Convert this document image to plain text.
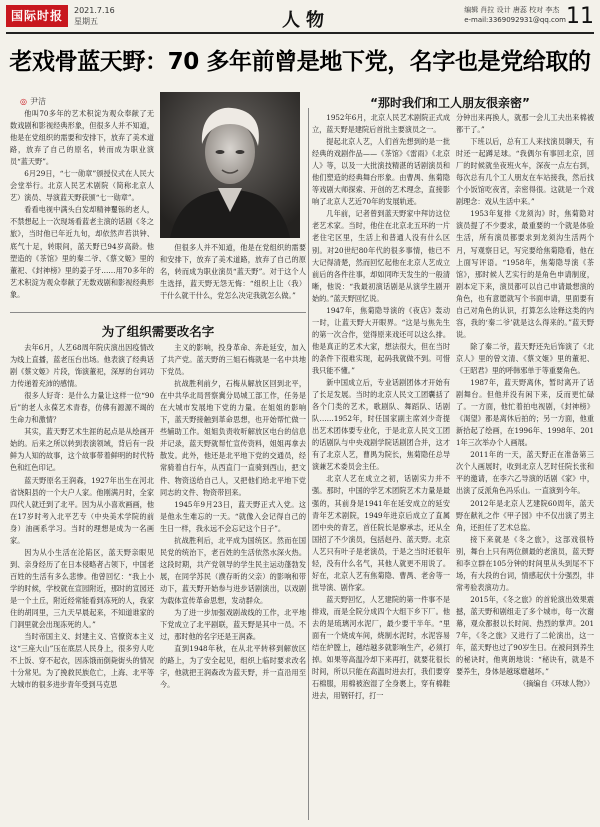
国际时报	2021.7.16
星期五	人物	编辑 肖拉 设计 唐蕊 校对 李杰
e-mail:3369092931@qq.com 11
老戏骨蓝天野：70 多年前曾是地下党，名字也是党给取的
◎ 尹洁	“那时我们和工人朋友很亲密”

他叫70多年的艺术积淀为观众奉献了无数戏剧和影视经典形象，但很多人并不知道，他是在党组织的需要和安排下，放弃了美术道路，放弃了自己的原名，转而成为职业演员“蓝天野”。

6月29日，“七一勋章”颁授仪式在人民大会堂举行。北京人民艺术剧院（简称北京人艺）演员、导演蓝天野获颁“七一勋章”。

看看电视中满头白发却精神矍铄的老人，不禁想起上一次现场看蓝老主演的话剧《冬之旅》，当时他已年近九旬，却依然声若洪钟、底气十足，转眼间，蓝天野已94岁高龄。他塑造的《茶馆》里的秦二爷、《蔡文姬》里的董祀、《封神榜》里的姜子牙……用70多年的艺术积淀为观众奉献了无数戏剧和影视经典形象。

但很多人并不知道，他是在党组织的需要和安排下，放弃了美术道路，放弃了自己的原名，转而成为职业演员“蓝天野”。对于这个人生选择，蓝天野无怨无悔：“组织上让（我）干什么就干什么，党怎么决定我就怎么做。”

为了组织需要改名字

去年6月，人艺68周年院庆演出因疫情改为线上直播，蓝老压台出场。他表演了经典话剧《蔡文姬》片段，饰演董祀，深厚的台词功力传递着充沛的感情。

很多人好奇：是什么力量让这样一位“90后”的老人永葆艺术青春，仿佛有源源不竭的生命力和激情？

其实，蓝天野艺术生涯的起点是从绘画开始的。后来之所以转到表演领域，背后有一段鲜为人知的故事，这个故事带着鲜明的时代特色和红色印记。

蓝天野原名王润森，1927年出生在河北省饶阳县的一个大户人家。他刚满月时，全家四代人就迁到了北平。因为从小喜欢画画，他在17岁时考入北平艺专（中央美术学院的前身）油画系学习。当时的理想是成为一名画家。

因为从小生活在沦陷区，蓝天野亲眼见到、亲身经历了在日本侵略者占领下，中国老百姓的生活有多么悲惨。他曾回忆：“我上小学的时候，学校就在宣园附近，那时的宣园还是一个土丘，附近经常能看到冻死的人，我家住的胡同里，三九天早晨起来，不知道谁家的门洞里就会出现冻死的人。”

当时帝国主义、封建主义、官僚资本主义这“三座大山”压在底层人民身上，很多穷人吃不上饭、穿不起衣，因冻饿而倒毙街头的情况十分常见。为了挽救民族危亡，上海、北平等大城市的很多进步青年受到马克思

主义的影响，投身革命、奔赴延安，加入了共产党。蓝天野的三姐石梅就是一名中共地下党员。

抗战胜利前夕，石梅从解放区回到北平，在中共华北局晋察冀分局城工部工作，任务是在大城市发展地下党的力量。在姐姐的影响下，蓝天野接触到革命思想，也开始帮忙做一些辅助工作。姐姐负责收听解放区电台的信息并记录，蓝天野就帮忙宣传资料，姐姐再拿去散发。此外，他还是北平地下党的交通员，经常骑着自行车，从西直门一直骑到西山，把文件、物资送给自己人，又把他们给北平地下党同志的文件、物资带回来。

1945年9月23日，蓝天野正式入党。这是他永生难忘的一天。“就像入会记得自己的生日一样，我永远不会忘记这个日子”。

抗战胜利后，北平成为国统区。然而在国民党的统治下，老百姓的生活依然水深火热。这段时期，共产党领导的学生民主运动蓬勃发展，在同学苏民（濮存昕的父亲）的影响和带动下，蓝天野开始参与进步话剧演出，以戏剧为载体宣传革命思想，发动群众。

为了进一步加强戏剧战线的工作，北平地下党成立了北平剧联，蓝天野是其中一员。不过，那时他的名字还是王润森。

直到1948年秋，在从北平转移到解放区的路上，为了安全起见，组织上临时要求改名字，他就把王润森改为蓝天野，并一直沿用至今。

1952年6月，北京人民艺术剧院正式成立，蓝天野是建院后首批主要演员之一。

提起北京人艺，人们首先想到的是一批经典的戏剧作品——《茶馆》《雷雨》《北京人》等，以及一大批演技精湛的话剧演员和他们塑造的经典舞台形象。由曹禺、焦菊隐等戏剧大师探索、开创的艺术理念，直接影响了北京人艺近70年的发展轨迹。

几年前，记者曾到蓝天野家中拜访这位老艺术家。当时，他住在北京北五环的一片老住宅区里，生活上和普通人没有什么区别。对20世纪80年代的很多事情，他已不大记得清楚，然而回忆起他在北京人艺成立前后的各件往事，却如同昨天发生的一般清晰，他说：“我最初演话剧是从演学生剧开始的。”蓝天野回忆说。

1947年，焦菊隐导演的《夜店》轰动一时，让蓝天野大开眼界。“这是与焦先生的第一次合作，觉得原来戏还可以这么排。他是真正的艺术大家，想法很大，但在当时的条件下很难实现，起码我就做不到。可惜我只能不懂。”

新中国成立后，专业话剧团体才开始有了长足发展。当时的北京人民文工团囊括了各个门类的艺术，歌剧队、舞蹈队、话剧队……1952年，时任国家副主席刘少奇提出艺术团体要专业化，于是北京人民文工团的话剧队与中央戏剧学院话剧团合并，这才有了北京人艺，曹禺为院长，焦菊隐任总导演兼艺术委员会主任。

北京人艺在成立之初，话剧实力并不强。那时，中国的学艺术团院艺术力量是最强的，其前身是1941年在延安成立的延安青年艺术剧院，1949年进京后成立了直属团中央的青艺，首任院长是廖承志，还从全国招了不少演员，包括赵丹、蓝天野。北京人艺只有叶子是老演员，于是之当时还很年轻，没有什么名气，其他人就更不用说了。好在，北京人艺有焦菊隐、曹禺、老舍等一批导演、剧作家。

蓝天野回忆，人艺建院的第一件事不是排戏，而是全院分成四个大组下乡下厂。他去的是琉璃河水泥厂，最少要干半年。“里面有一个烧成车间，烧制水泥时，水泥容易结在炉膛上，越结越多就影响生产，必须打掉。如果等高温冷却下来再打，就要花很长时间，所以只能在高温时进去打，我们要穿石棉服，用棉被泡湿了全身裹上，穿有棉鞋进去，用钢钎打，打一

分钟出来再换人，就那一会儿工夫出来棉被都干了。”

下班以后，总有工人来找演员聊天，有时还一起蹲足球。“我偶尔有事回北京，回厂的时候就坐夜班火车，深夜一点左右到，每次总有几个工人朋友在车站接我，然后找个小饭馆吃夜宵，亲密得很。这就是一个戏剧理念：戏从生活中来。”

1953年复排《龙须沟》时，焦菊隐对演员提了不少要求，最重要的一个就是体验生活，所有演员都要求到龙须沟生活两个月，写观察日记，写完要给焦菊隐看，他在上面写评语。“1958年，焦菊隐导演《茶馆》，那时候人艺实行的是角色申请制度，剧本定下来，演员都可以自己申请最想演的角色，也有意愿就写个书面申请，里面要有自己对角色的认识，打算怎么诠释这类的内容，我的‘秦二爷’就是这么得来的。”蓝天野说。

除了秦二爷，蓝天野还先后饰演了《北京人》里的曾文清、《蔡文姬》里的董祀、《王昭君》里的呼韩邪单于等重要角色。

1987年，蓝天野离休，暂时离开了话剧舞台。但他并没有闲下来，反而更忙碌了。一方面，他忙着拍电视剧，《封神榜》《渴望》都是离休后拍的；另一方面，他重新拾起了绘画，在1996年、1998年、2011年三次举办个人画展。

2011年的一天，蓝天野正在准备第三次个人画展时，收到北京人艺时任院长张和平的邀请，在李六乙导演的话剧《家》中，出演了反派角色冯乐山。一直演到今年。

2012年是北京人艺建院60周年，蓝天野在献礼之作《甲子园》中不仅出演了男主角，还担任了艺术总监。

接下来就是《冬之旅》，这部戏很特别，舞台上只有两位颜最的老演员，蓝天野和李立群在105分钟的时间里从头到尾不下场，有大段的台词，情感起伏十分强烈，非常考验表演功力。

2015年，《冬之旅》的首轮演出效果震撼，蓝天野和剧组走了多个城市，每一次谢幕，观众都报以长时间、热烈的掌声。2017年，《冬之旅》又进行了二轮演出，这一年，蓝天野也过了90岁生日。在被问到养生的秘诀时，他爽朗地说：“秘诀有，就是不要养生，身体是越琢磨越坏。”

（摘编自《环球人物》）
